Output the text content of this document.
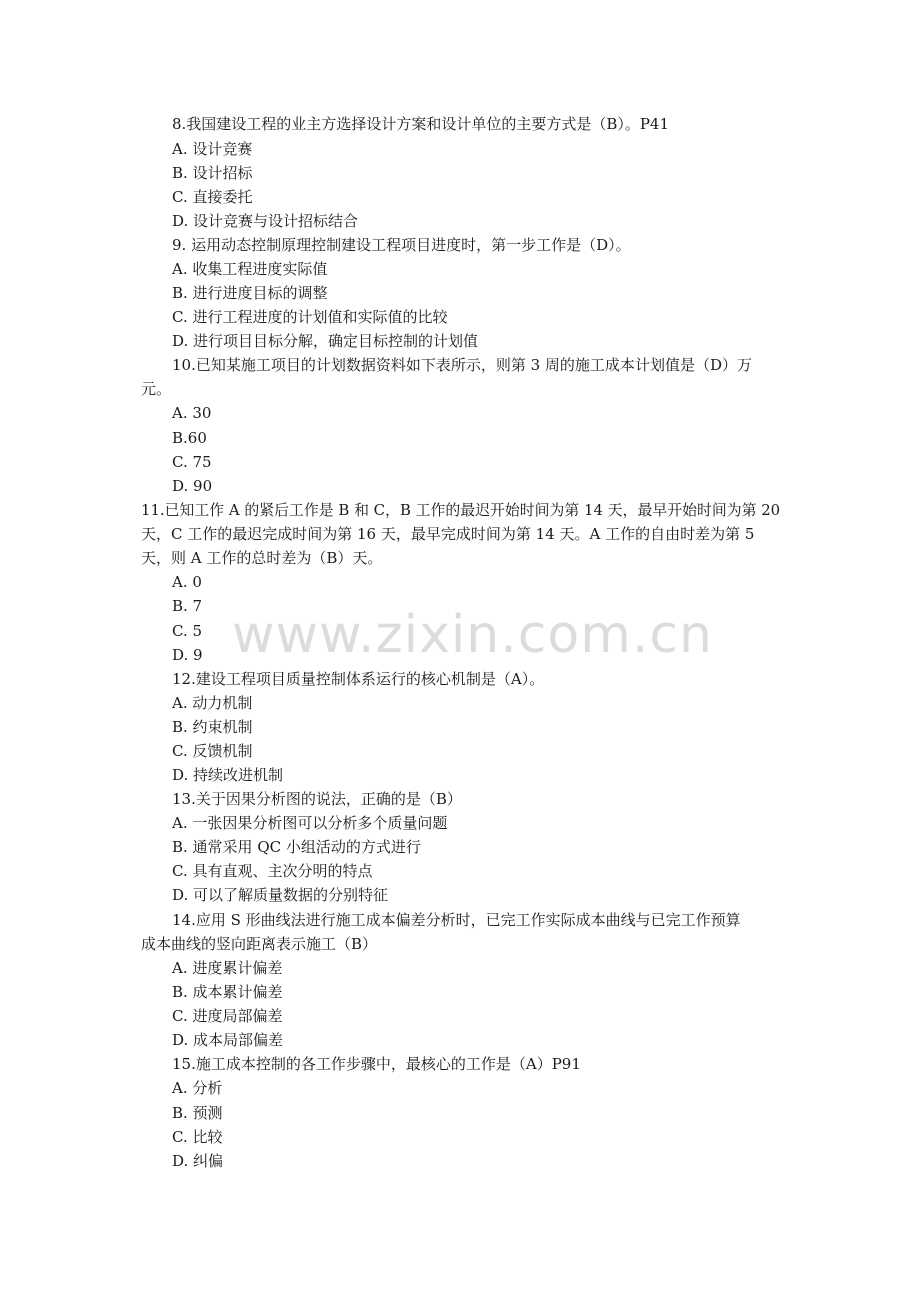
www.zixin.com.cn
8.我国建设工程的业主方选择设计方案和设计单位的主要方式是（B）。P41
A. 设计竞赛
B. 设计招标
C. 直接委托
D. 设计竞赛与设计招标结合
9. 运用动态控制原理控制建设工程项目进度时，第一步工作是（D）。
A. 收集工程进度实际值
B. 进行进度目标的调整
C. 进行工程进度的计划值和实际值的比较
D. 进行项目目标分解，确定目标控制的计划值
10.已知某施工项目的计划数据资料如下表所示，则第 3 周的施工成本计划值是（D）万
元。
A. 30
B.60
C. 75
D. 90
11.已知工作 A 的紧后工作是 B 和 C，B 工作的最迟开始时间为第 14 天，最早开始时间为第 20
天，C 工作的最迟完成时间为第 16 天，最早完成时间为第 14 天。A 工作的自由时差为第 5
天，则 A 工作的总时差为（B）天。
A. 0
B. 7
C. 5
D. 9
12.建设工程项目质量控制体系运行的核心机制是（A）。
A. 动力机制
B. 约束机制
C. 反馈机制
D. 持续改进机制
13.关于因果分析图的说法，正确的是（B）
A. 一张因果分析图可以分析多个质量问题
B. 通常采用 QC 小组活动的方式进行
C. 具有直观、主次分明的特点
D. 可以了解质量数据的分别特征
14.应用 S 形曲线法进行施工成本偏差分析时，已完工作实际成本曲线与已完工作预算
成本曲线的竖向距离表示施工（B）
A. 进度累计偏差
B. 成本累计偏差
C. 进度局部偏差
D. 成本局部偏差
15.施工成本控制的各工作步骤中，最核心的工作是（A）P91
A. 分析
B. 预测
C. 比较
D. 纠偏
